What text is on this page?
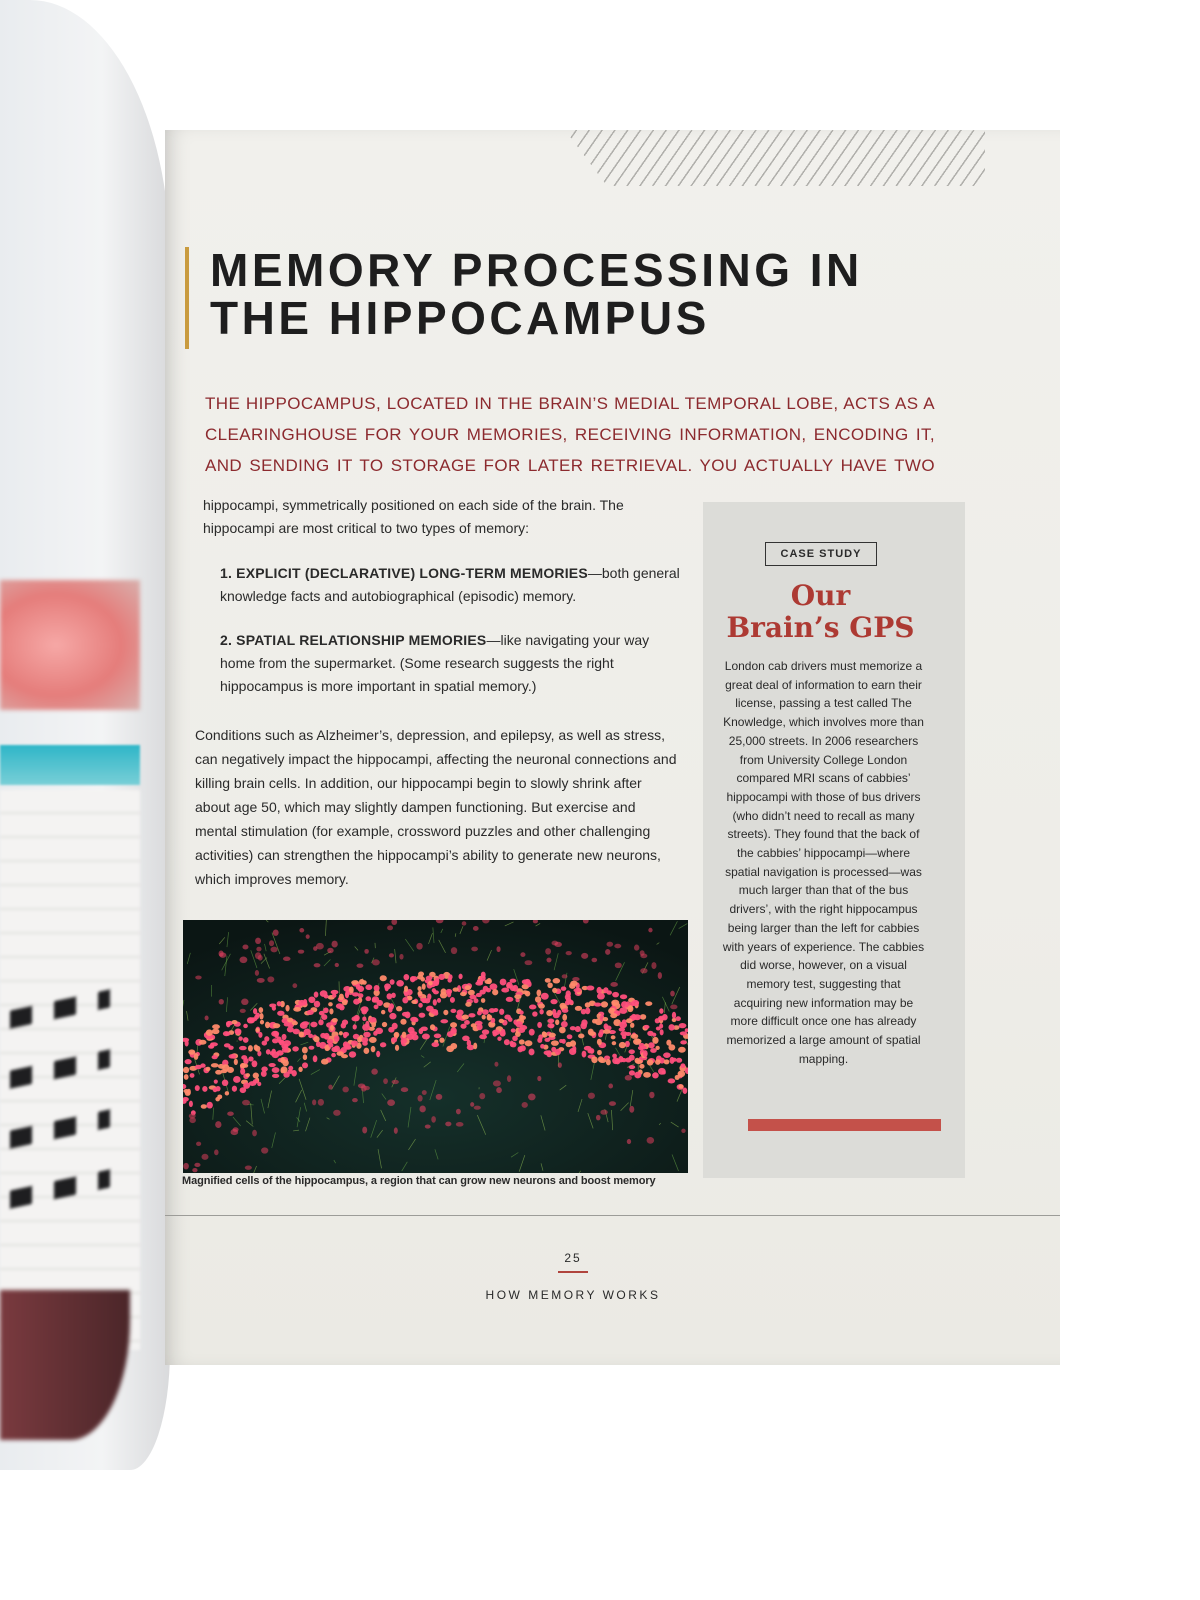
MEMORY PROCESSING IN THE HIPPOCAMPUS

THE HIPPOCAMPUS, LOCATED IN THE BRAIN’S MEDIAL TEMPORAL LOBE, ACTS AS A CLEARINGHOUSE FOR YOUR MEMORIES, RECEIVING INFORMATION, ENCODING IT, AND SENDING IT TO STORAGE FOR LATER RETRIEVAL. YOU ACTUALLY HAVE TWO

hippocampi, symmetrically positioned on each side of the brain. The hippocampi are most critical to two types of memory:

1. EXPLICIT (DECLARATIVE) LONG-TERM MEMORIES—both general knowledge facts and autobiographical (episodic) memory.

2. SPATIAL RELATIONSHIP MEMORIES—like navigating your way home from the supermarket. (Some research suggests the right hippocampus is more important in spatial memory.)

Conditions such as Alzheimer’s, depression, and epilepsy, as well as stress, can negatively impact the hippocampi, affecting the neuronal connections and killing brain cells. In addition, our hippocampi begin to slowly shrink after about age 50, which may slightly dampen functioning. But exercise and mental stimulation (for example, crossword puzzles and other challenging activities) can strengthen the hippocampi’s ability to generate new neurons, which improves memory.

CASE STUDY
Our
Brain’s GPS

London cab drivers must memorize a great deal of information to earn their license, passing a test called The Knowledge, which involves more than 25,000 streets. In 2006 researchers from University College London compared MRI scans of cabbies’ hippocampi with those of bus drivers (who didn’t need to recall as many streets). They found that the back of the cabbies’ hippocampi—where spatial navigation is processed—was much larger than that of the bus drivers’, with the right hippocampus being larger than the left for cabbies with years of experience. The cabbies did worse, however, on a visual memory test, suggesting that acquiring new information may be more difficult once one has already memorized a large amount of spatial mapping.

Magnified cells of the hippocampus, a region that can grow new neurons and boost memory

25
HOW MEMORY WORKS
